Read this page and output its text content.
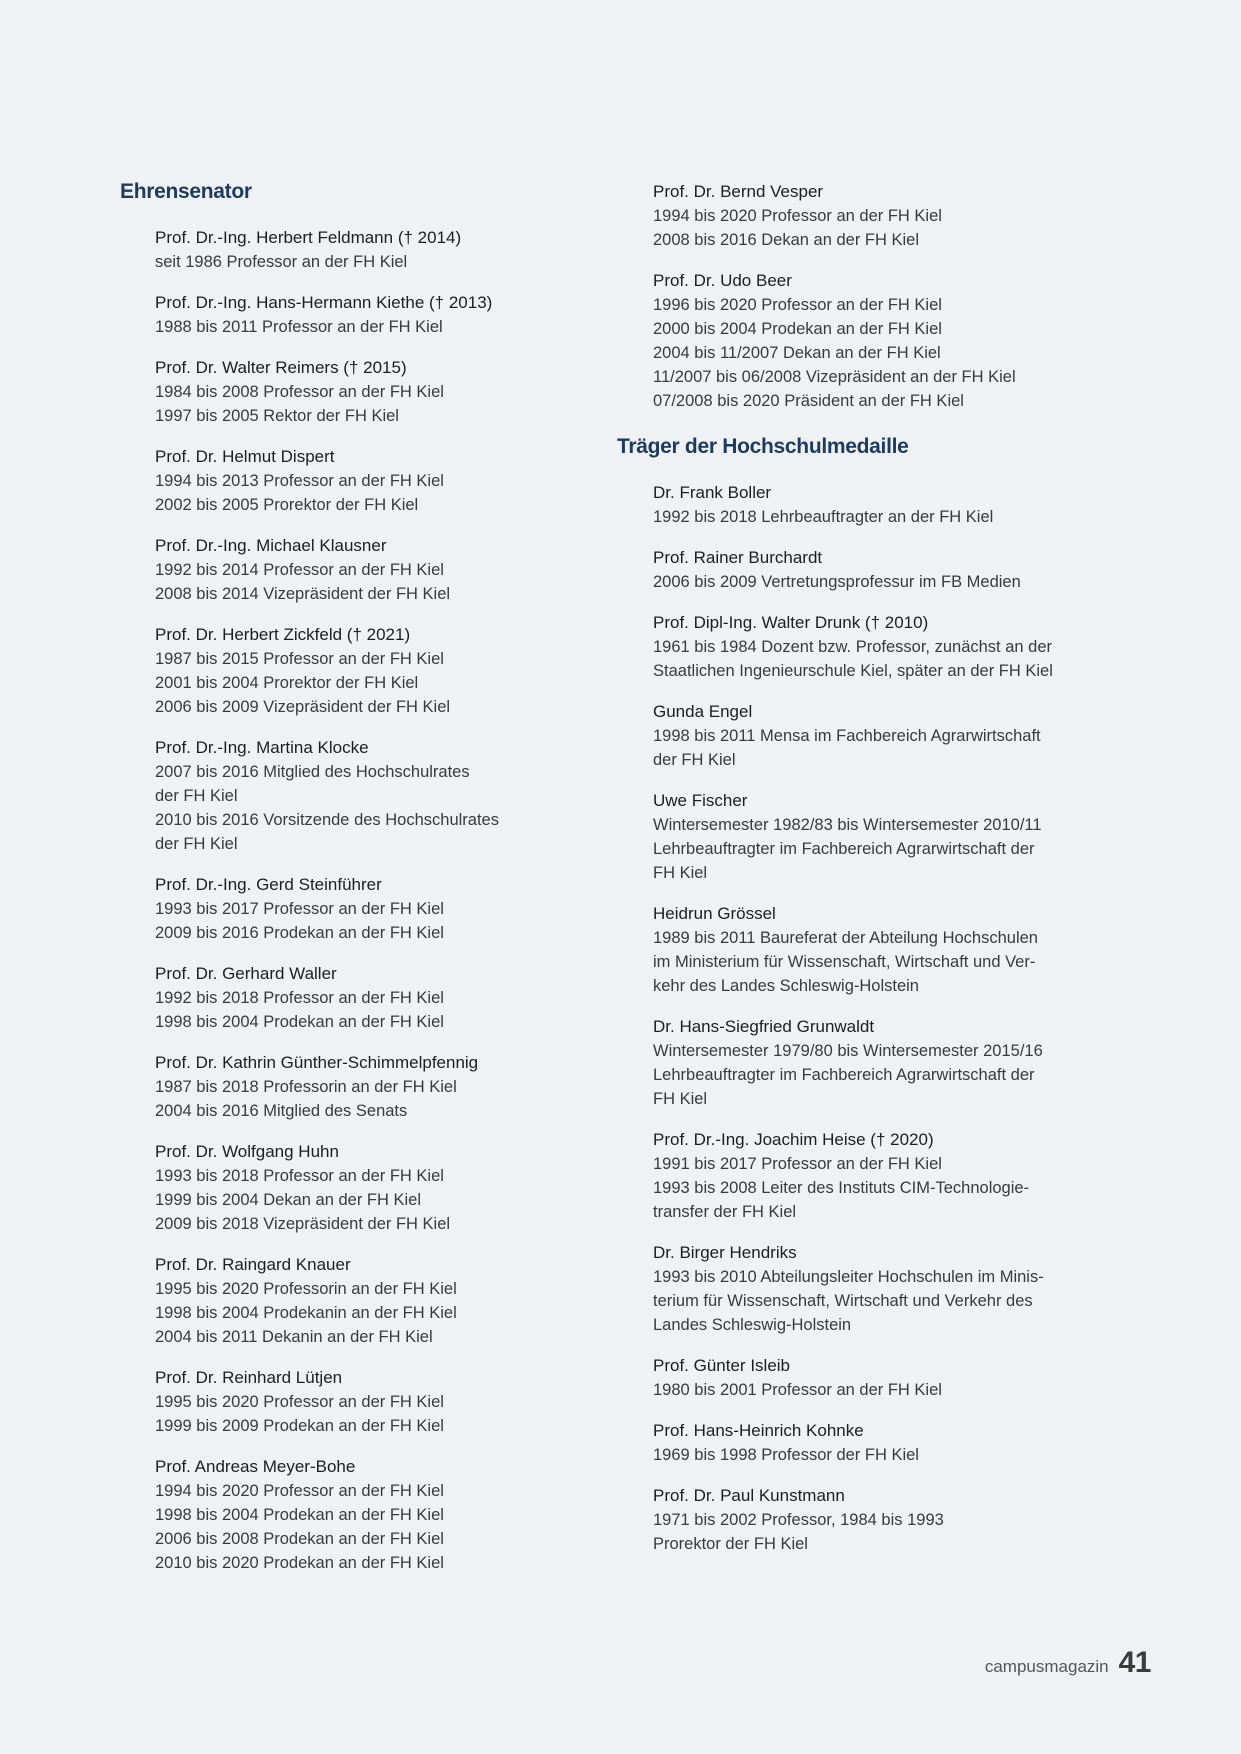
Ehrensenator
Prof. Dr.-Ing. Herbert Feldmann († 2014)
seit 1986 Professor an der FH Kiel
Prof. Dr.-Ing. Hans-Hermann Kiethe († 2013)
1988 bis 2011 Professor an der FH Kiel
Prof. Dr. Walter Reimers († 2015)
1984 bis 2008 Professor an der FH Kiel
1997 bis 2005 Rektor der FH Kiel
Prof. Dr. Helmut Dispert
1994 bis 2013 Professor an der FH Kiel
2002 bis 2005 Prorektor der FH Kiel
Prof. Dr.-Ing. Michael Klausner
1992 bis 2014 Professor an der FH Kiel
2008 bis 2014 Vizepräsident der FH Kiel
Prof. Dr. Herbert Zickfeld († 2021)
1987 bis 2015 Professor an der FH Kiel
2001 bis 2004 Prorektor der FH Kiel
2006 bis 2009 Vizepräsident der FH Kiel
Prof. Dr.-Ing. Martina Klocke
2007 bis 2016 Mitglied des Hochschulrates
der FH Kiel
2010 bis 2016 Vorsitzende des Hochschulrates
der FH Kiel
Prof. Dr.-Ing. Gerd Steinführer
1993 bis 2017 Professor an der FH Kiel
2009 bis 2016 Prodekan an der FH Kiel
Prof. Dr. Gerhard Waller
1992 bis 2018 Professor an der FH Kiel
1998 bis 2004 Prodekan an der FH Kiel
Prof. Dr. Kathrin Günther-Schimmelpfennig
1987 bis 2018 Professorin an der FH Kiel
2004 bis 2016 Mitglied des Senats
Prof. Dr. Wolfgang Huhn
1993 bis 2018 Professor an der FH Kiel
1999 bis 2004 Dekan an der FH Kiel
2009 bis 2018 Vizepräsident der FH Kiel
Prof. Dr. Raingard Knauer
1995 bis 2020 Professorin an der FH Kiel
1998 bis 2004 Prodekanin an der FH Kiel
2004 bis 2011 Dekanin an der FH Kiel
Prof. Dr. Reinhard Lütjen
1995 bis 2020 Professor an der FH Kiel
1999 bis 2009 Prodekan an der FH Kiel
Prof. Andreas Meyer-Bohe
1994 bis 2020 Professor an der FH Kiel
1998 bis 2004 Prodekan an der FH Kiel
2006 bis 2008 Prodekan an der FH Kiel
2010 bis 2020 Prodekan an der FH Kiel
Prof. Dr. Bernd Vesper
1994 bis 2020 Professor an der FH Kiel
2008 bis 2016 Dekan an der FH Kiel
Prof. Dr. Udo Beer
1996 bis 2020 Professor an der FH Kiel
2000 bis 2004 Prodekan an der FH Kiel
2004 bis 11/2007 Dekan an der FH Kiel
11/2007 bis 06/2008 Vizepräsident an der FH Kiel
07/2008 bis 2020 Präsident an der FH Kiel
Träger der Hochschulmedaille
Dr. Frank Boller
1992 bis 2018 Lehrbeauftragter an der FH Kiel
Prof. Rainer Burchardt
2006 bis 2009 Vertretungsprofessur im FB Medien
Prof. Dipl-Ing. Walter Drunk († 2010)
1961 bis 1984 Dozent bzw. Professor, zunächst an der
Staatlichen Ingenieurschule Kiel, später an der FH Kiel
Gunda Engel
1998 bis 2011 Mensa im Fachbereich Agrarwirtschaft
der FH Kiel
Uwe Fischer
Wintersemester 1982/83 bis Wintersemester 2010/11
Lehrbeauftragter im Fachbereich Agrarwirtschaft der
FH Kiel
Heidrun Grössel
1989 bis 2011 Baureferat der Abteilung Hochschulen
im Ministerium für Wissenschaft, Wirtschaft und Ver-
kehr des Landes Schleswig-Holstein
Dr. Hans-Siegfried Grunwaldt
Wintersemester 1979/80 bis Wintersemester 2015/16
Lehrbeauftragter im Fachbereich Agrarwirtschaft der
FH Kiel
Prof. Dr.-Ing. Joachim Heise († 2020)
1991 bis 2017 Professor an der FH Kiel
1993 bis 2008 Leiter des Instituts CIM-Technologie-
transfer der FH Kiel
Dr. Birger Hendriks
1993 bis 2010 Abteilungsleiter Hochschulen im Minis-
terium für Wissenschaft, Wirtschaft und Verkehr des
Landes Schleswig-Holstein
Prof. Günter Isleib
1980 bis 2001 Professor an der FH Kiel
Prof. Hans-Heinrich Kohnke
1969 bis 1998 Professor der FH Kiel
Prof. Dr. Paul Kunstmann
1971 bis 2002 Professor, 1984 bis 1993
Prorektor der FH Kiel
campusmagazin 41
